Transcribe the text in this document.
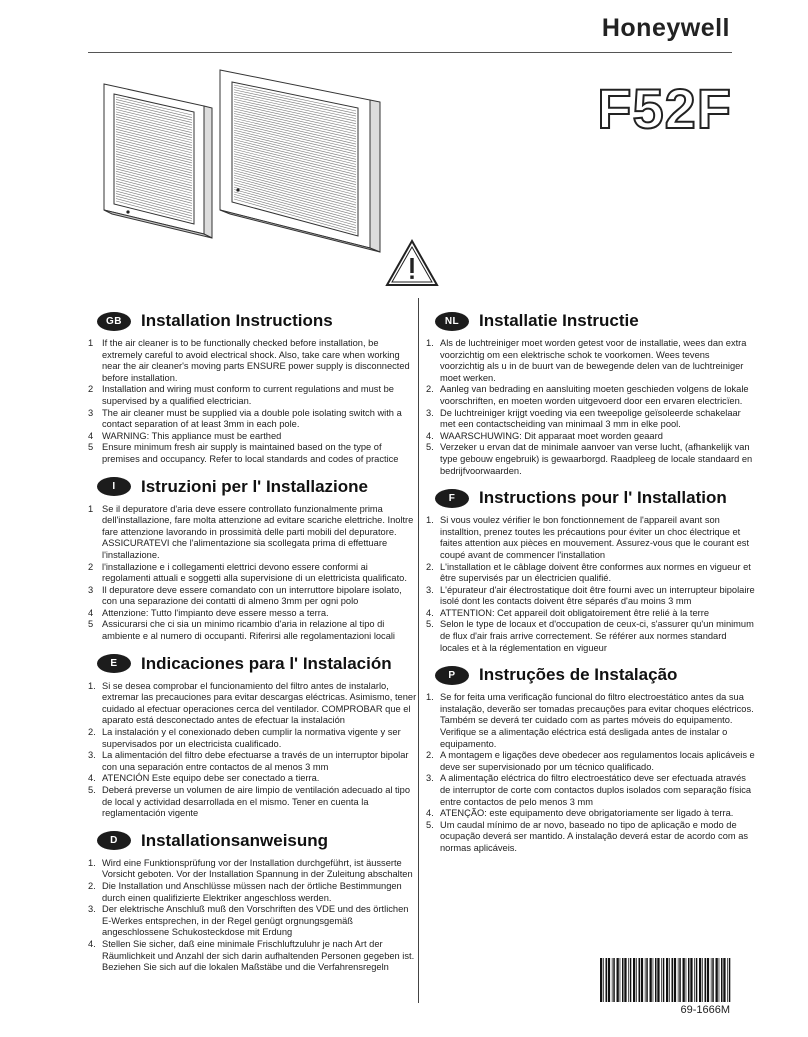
Honeywell
F52F
GB	Installation Instructions
1 If the air cleaner is to be functionally checked before installation, be extremely careful to avoid electrical shock. Also, take care when working near the air cleaner's moving parts ENSURE power supply is disconnected before installation.
2 Installation and wiring must conform to current regulations and must be supervised by a qualified electrician.
3 The air cleaner must be supplied via a double pole isolating switch with a contact separation of at least 3mm in each pole.
4 WARNING: This appliance must be earthed
5 Ensure minimum fresh air supply is maintained based on the type of premises and occupancy. Refer to local standards and codes of practice
I	Istruzioni per l' Installazione
1 Se il depuratore d'aria deve essere controllato funzionalmente prima dell'installazione, fare molta attenzione ad evitare scariche elettriche. Inoltre fare attenzione lavorando in prossimità delle parti mobili del depuratore. ASSICURATEVI che l'alimentazione sia scollegata prima di effettuare l'installazione.
2 l'installazione e i collegamenti elettrici devono essere conformi ai regolamenti attuali e soggetti alla supervisione di un elettricista qualificato.
3 Il depuratore deve essere comandato con un interruttore bipolare isolato, con una separazione dei contatti di almeno 3mm per ogni polo
4 Attenzione: Tutto l'impianto deve essere messo a terra.
5 Assicurarsi che ci sia un minimo ricambio d'aria in relazione al tipo di ambiente e al numero di occupanti. Riferirsi alle regolamentazioni locali
E	Indicaciones para l' Instalación
1. Si se desea comprobar el funcionamiento del filtro antes de instalarlo, extremar las precauciones para evitar descargas eléctricas. Asimismo, tener cuidado al efectuar operaciones cerca del ventilador. COMPROBAR que el aparato está desconectado antes de efectuar la instalación
2. La instalación y el conexionado deben cumplir la normativa vigente y ser supervisados por un electricista cualificado.
3. La alimentación del filtro debe efectuarse a través de un interruptor bipolar con una separación entre contactos de al menos 3 mm
4. ATENCIÓN Este equipo debe ser conectado a tierra.
5. Deberá preverse un volumen de aire limpio de ventilación adecuado al tipo de local y actividad desarrollada en el mismo. Tener en cuenta la reglamentación vigente
D	Installationsanweisung
1. Wird eine Funktionsprüfung vor der Installation durchgeführt, ist äusserte Vorsicht geboten. Vor der Installation Spannung in der Zuleitung abschalten
2. Die Installation und Anschlüsse müssen nach der örtliche Bestimmungen durch einen qualifizierte Elektriker angeschloss werden.
3. Der elektrische Anschluß muß den Vorschriften des VDE und des örtlichen E-Werkes entsprechen, in der Regel genügt orgnungsgemäß angeschlossene Schukosteckdose mit Erdung
4. Stellen Sie sicher, daß eine minimale Frischluftzuluhr je nach Art der Räumlichkeit und Anzahl der sich darin aufhaltenden Personen gegeben ist. Beziehen Sie sich auf die lokalen Maßstäbe und die Verfahrensregeln
NL	Installatie Instructie
1. Als de luchtreiniger moet worden getest voor de installatie, wees dan extra voorzichtig om een elektrische schok te voorkomen. Wees tevens voorzichtig als u in de buurt van de bewegende delen van de luchtreiniger moet werken.
2. Aanleg van bedrading en aansluiting moeten geschieden volgens de lokale voorschriften, en moeten worden uitgevoerd door een ervaren electricïen.
3. De luchtreiniger krijgt voeding via een tweepolige geïsoleerde schakelaar met een contactscheiding van minimaal 3 mm in elke pool.
4. WAARSCHUWING: Dit apparaat moet worden geaard
5. Verzeker u ervan dat de minimale aanvoer van verse lucht, (afhankelijk van type gebouw engebruik) is gewaarborgd. Raadpleeg de locale standaard en bedrijfvoorwaarden.
F	Instructions pour l' Installation
1. Si vous voulez vérifier le bon fonctionnement de l'appareil avant son installtion, prenez toutes les précautions pour éviter un choc électrique et faites attention aux pièces en mouvement. Assurez-vous que le courant est coupé avant de commencer l'installation
2. L'installation et le câblage doivent être conformes aux normes en vigueur et être supervisés par un électricien qualifié.
3. L'épurateur d'air électrostatique doit être fourni avec un interrupteur bipolaire isolé dont les contacts doivent être séparés d'au moins 3 mm
4. ATTENTION: Cet appareil doit obligatoirement être relié à la terre
5. Selon le type de locaux et d'occupation de ceux-ci, s'assurer qu'un minimum de flux d'air frais arrive correctement. Se référer aux normes standard locales et à la réglementation en vigueur
P	Instruções de Instalação
1. Se for feita uma verificação funcional do filtro electroestático antes da sua instalação, deverão ser tomadas precauções para evitar choques eléctricos. Também se deverá ter cuidado com as partes móveis do equipamento. Verifique se a alimentação eléctrica está desligada antes de instalar o equipamento.
2. A montagem e ligações deve obedecer aos regulamentos locais aplicáveis e deve ser supervisionado por um técnico qualificado.
3. A alimentação eléctrica do filtro electroestático deve ser efectuada através de interruptor de corte com contactos duplos isolados com separação física entre contactos de pelo menos 3 mm
4. ATENÇÃO: este equipamento deve obrigatoriamente ser ligado à terra.
5. Um caudal mínimo de ar novo, baseado no tipo de aplicação e modo de ocupação deverá ser mantido. A instalação deverá estar de acordo com as normas aplicáveis.
69-1666M
